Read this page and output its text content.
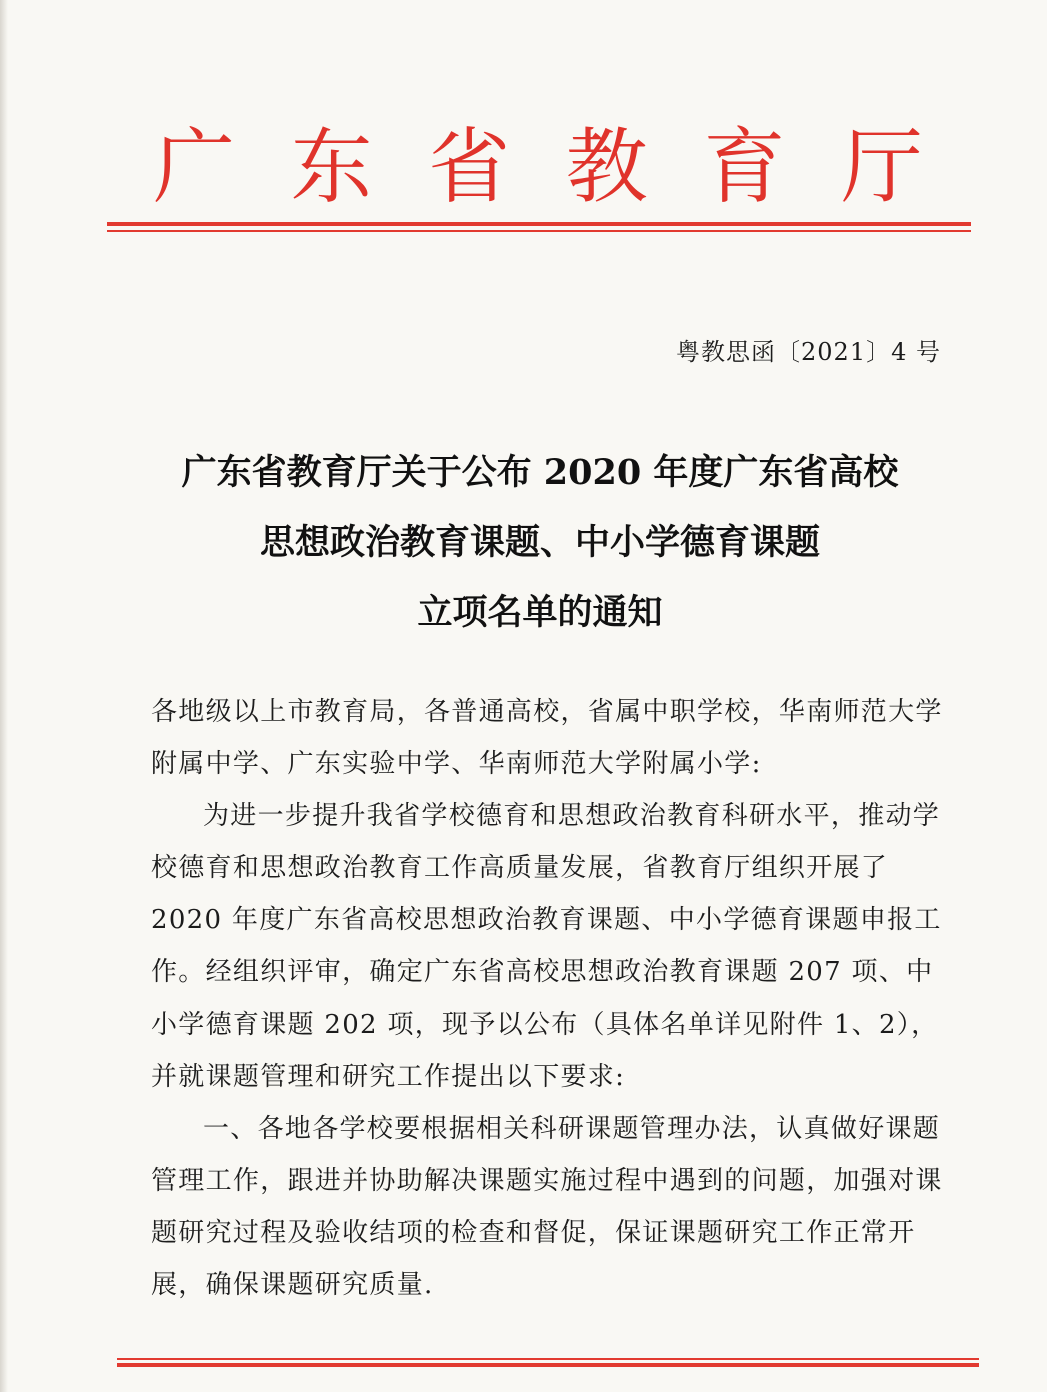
广 东 省 教 育 厅
粤教思函〔2021〕4 号
广东省教育厅关于公布 2020 年度广东省高校
思想政治教育课题、中小学德育课题
立项名单的通知

各地级以上市教育局，各普通高校，省属中职学校，华南师范大学附属中学、广东实验中学、华南师范大学附属小学:

为进一步提升我省学校德育和思想政治教育科研水平，推动学校德育和思想政治教育工作高质量发展，省教育厅组织开展了 2020 年度广东省高校思想政治教育课题、中小学德育课题申报工作。经组织评审，确定广东省高校思想政治教育课题 207 项、中小学德育课题 202 项，现予以公布（具体名单详见附件 1、2），并就课题管理和研究工作提出以下要求:

一、各地各学校要根据相关科研课题管理办法，认真做好课题管理工作，跟进并协助解决课题实施过程中遇到的问题，加强对课题研究过程及验收结项的检查和督促，保证课题研究工作正常开展，确保课题研究质量.
